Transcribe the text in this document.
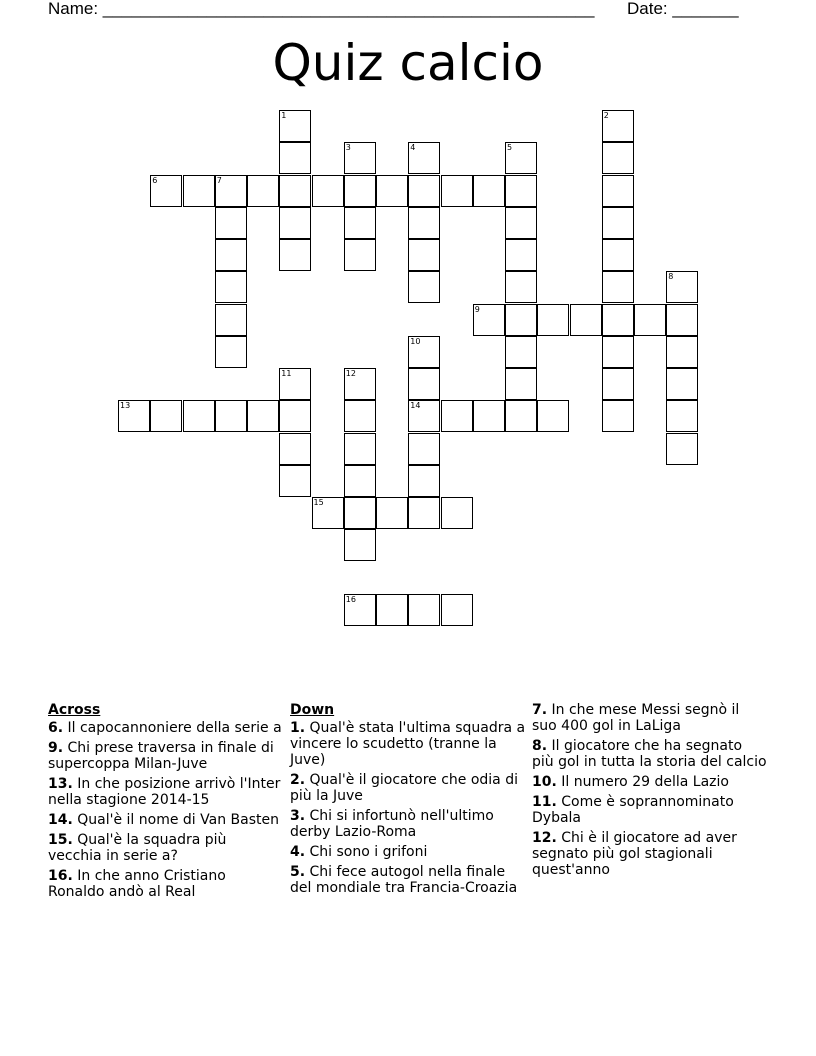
Name: ____________________________________________________ Date: _______
Quiz calcio
1	2
3	4	5
6	7
8
9
10
11	12
13	14
15
16
Across
6. Il capocannoniere della serie a
9. Chi prese traversa in finale di supercoppa Milan-Juve
13. In che posizione arrivò l'Inter nella stagione 2014-15
14. Qual'è il nome di Van Basten
15. Qual'è la squadra più vecchia in serie a?
16. In che anno Cristiano Ronaldo andò al Real
Down
1. Qual'è stata l'ultima squadra a vincere lo scudetto (tranne la Juve)
2. Qual'è il giocatore che odia di più la Juve
3. Chi si infortunò nell'ultimo derby Lazio-Roma
4. Chi sono i grifoni
5. Chi fece autogol nella finale del mondiale tra Francia-Croazia
7. In che mese Messi segnò il suo 400 gol in LaLiga
8. Il giocatore che ha segnato più gol in tutta la storia del calcio
10. Il numero 29 della Lazio
11. Come è soprannominato Dybala
12. Chi è il giocatore ad aver segnato più gol stagionali quest'anno
